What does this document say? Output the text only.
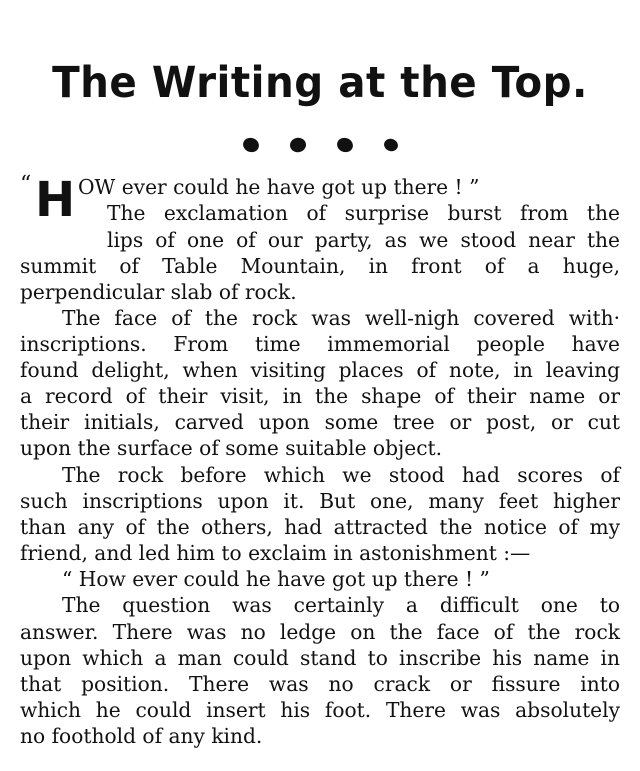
The Writing at the Top.
“ H OW ever could he have got up there ! ”
The exclamation of surprise burst from the
lips of one of our party, as we stood near the
summit of Table Mountain, in front of a huge,
perpendicular slab of rock.
The face of the rock was well-nigh covered with·
inscriptions. From time immemorial people have
found delight, when visiting places of note, in leaving
a record of their visit, in the shape of their name or
their initials, carved upon some tree or post, or cut
upon the surface of some suitable object.
The rock before which we stood had scores of
such inscriptions upon it. But one, many feet higher
than any of the others, had attracted the notice of my
friend, and led him to exclaim in astonishment :—
“ How ever could he have got up there ! ”
The question was certainly a difficult one to
answer. There was no ledge on the face of the rock
upon which a man could stand to inscribe his name in
that position. There was no crack or fissure into
which he could insert his foot. There was absolutely
no foothold of any kind.
